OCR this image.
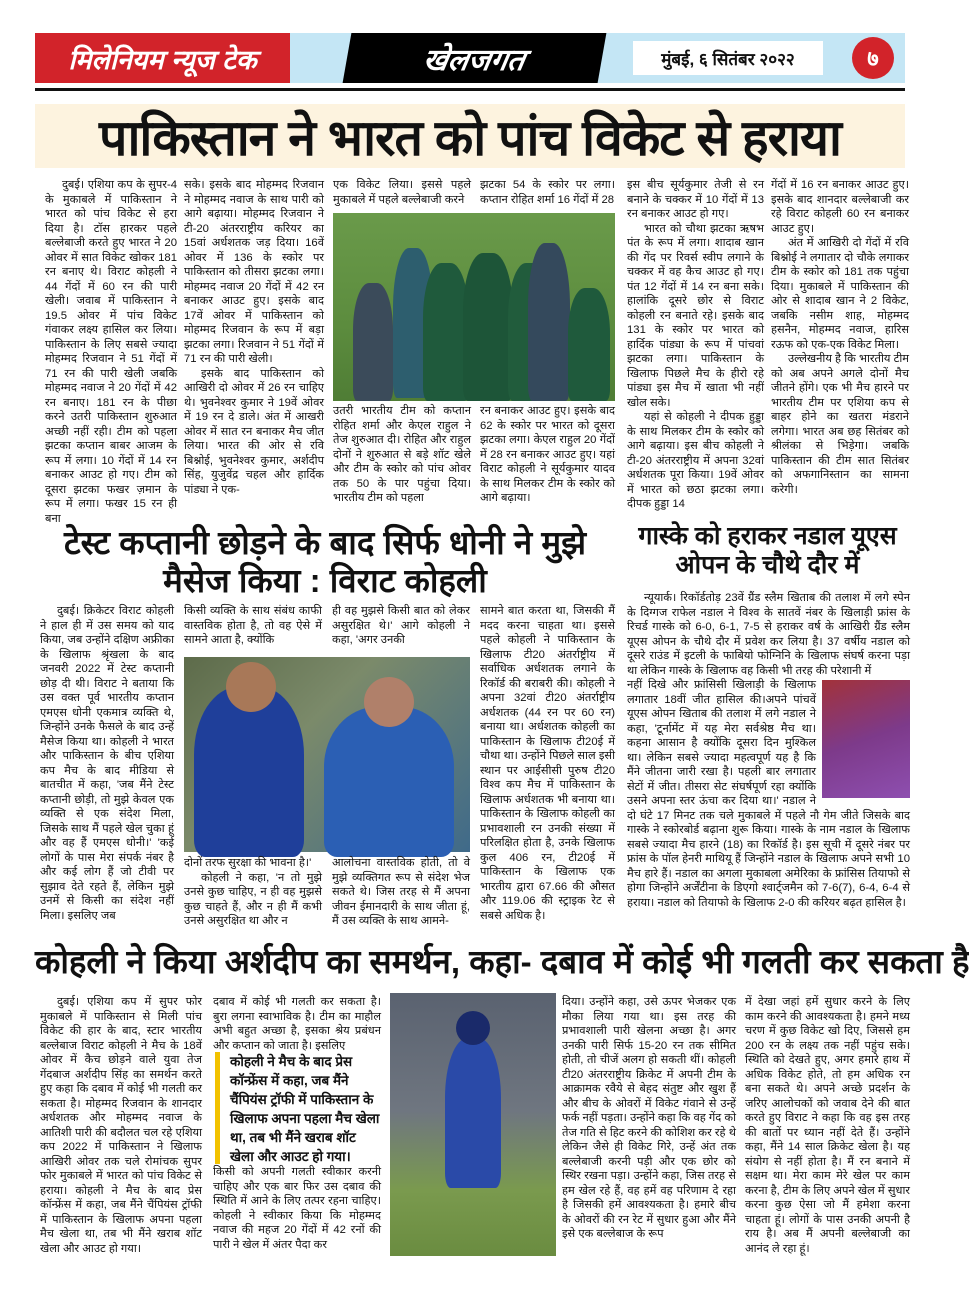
मिलेनियम न्यूज टेक	खेलजगत	मुंबई, ६ सितंबर २०२२	७
पाकिस्तान ने भारत को पांच विकेट से हराया

दुबई। एशिया कप के सुपर-4 के मुकाबले में पाकिस्तान ने भारत को पांच विकेट से हरा दिया है। टॉस हारकर पहले बल्लेबाजी करते हुए भारत ने 20 ओवर में सात विकेट खोकर 181 रन बनाए थे। विराट कोहली ने 44 गेंदों में 60 रन की पारी खेली। जवाब में पाकिस्तान ने 19.5 ओवर में पांच विकेट गंवाकर लक्ष्य हासिल कर लिया। पाकिस्तान के लिए सबसे ज्यादा मोहम्मद रिजवान ने 51 गेंदों में 71 रन की पारी खेली जबकि मोहम्मद नवाज ने 20 गेंदों में 42 रन बनाए। 181 रन के पीछा करने उतरी पाकिस्तान शुरुआत अच्छी नहीं रही। टीम को पहला झटका कप्तान बाबर आजम के रूप में लगा। 10 गेंदों में 14 रन बनाकर आउट हो गए। टीम को दूसरा झटका फखर ज़मान के रूप में लगा। फखर 15 रन ही बना

सके। इसके बाद मोहम्मद रिजवान ने मोहम्मद नवाज के साथ पारी को आगे बढ़ाया। मोहम्मद रिजवान ने टी-20 अंतरराष्ट्रीय करियर का 15वां अर्धशतक जड़ दिया। 16वें ओवर में 136 के स्कोर पर पाकिस्तान को तीसरा झटका लगा। मोहम्मद नवाज 20 गेंदों में 42 रन बनाकर आउट हुए। इसके बाद 17वें ओवर में पाकिस्तान को मोहम्मद रिजवान के रूप में बड़ा झटका लगा। रिजवान ने 51 गेंदों में 71 रन की पारी खेली।

इसके बाद पाकिस्तान को आखिरी दो ओवर में 26 रन चाहिए थे। भुवनेश्वर कुमार ने 19वें ओवर में 19 रन दे डाले। अंत में आखरी ओवर में सात रन बनाकर मैच जीत लिया। भारत की ओर से रवि बिश्नोई, भुवनेश्वर कुमार, अर्शदीप सिंह, युजुवेंद्र चहल और हार्दिक पांड्या ने एक-

एक विकेट लिया। इससे पहले मुकाबले में पहले बल्लेबाजी करने

झटका 54 के स्कोर पर लगा। कप्तान रोहित शर्मा 16 गेंदों में 28

उतरी भारतीय टीम को कप्तान रोहित शर्मा और केएल राहुल ने तेज शुरुआत दी। रोहित और राहुल दोनों ने शुरुआत से बड़े शॉट खेले और टीम के स्कोर को पांच ओवर तक 50 के पार पहुंचा दिया। भारतीय टीम को पहला

रन बनाकर आउट हुए। इसके बाद 62 के स्कोर पर भारत को दूसरा झटका लगा। केएल राहुल 20 गेंदों में 28 रन बनाकर आउट हुए। यहां विराट कोहली ने सूर्यकुमार यादव के साथ मिलकर टीम के स्कोर को आगे बढ़ाया।

इस बीच सूर्यकुमार तेजी से रन बनाने के चक्कर में 10 गेंदों में 13 रन बनाकर आउट हो गए।

भारत को चौथा झटका ऋषभ पंत के रूप में लगा। शादाब खान की गेंद पर रिवर्स स्वीप लगाने के चक्कर में वह कैच आउट हो गए। पंत 12 गेंदों में 14 रन बना सके। हालांकि दूसरे छोर से विराट कोहली रन बनाते रहे। इसके बाद 131 के स्कोर पर भारत को हार्दिक पांड्या के रूप में पांचवां झटका लगा। पाकिस्तान के खिलाफ पिछले मैच के हीरो रहे पांड्या इस मैच में खाता भी नहीं खोल सके।

यहां से कोहली ने दीपक हुड्डा के साथ मिलकर टीम के स्कोर को आगे बढ़ाया। इस बीच कोहली ने टी-20 अंतरराष्ट्रीय में अपना 32वां अर्धशतक पूरा किया। 19वें ओवर में भारत को छठा झटका लगा। दीपक हुड्डा 14

गेंदों में 16 रन बनाकर आउट हुए। इसके बाद शानदार बल्लेबाजी कर रहे विराट कोहली 60 रन बनाकर आउट हुए।

अंत में आखिरी दो गेंदों में रवि बिश्नोई ने लगातार दो चौके लगाकर टीम के स्कोर को 181 तक पहुंचा दिया। मुकाबले में पाकिस्तान की ओर से शादाब खान ने 2 विकेट, जबकि नसीम शाह, मोहम्मद हसनैन, मोहम्मद नवाज, हारिस रऊफ को एक-एक विकेट मिला।

उल्लेखनीय है कि भारतीय टीम को अब अपने अगले दोनों मैच जीतने होंगे। एक भी मैच हारने पर भारतीय टीम पर एशिया कप से बाहर होने का खतरा मंडराने लगेगा। भारत अब छह सितंबर को श्रीलंका से भिड़ेगा। जबकि पाकिस्तान की टीम सात सितंबर को अफगानिस्तान का सामना करेगी।

टेस्ट कप्तानी छोड़ने के बाद सिर्फ धोनी ने मुझे
मैसेज किया : विराट कोहली

दुबई। क्रिकेटर विराट कोहली ने हाल ही में उस समय को याद किया, जब उन्होंने दक्षिण अफ्रीका के खिलाफ श्रृंखला के बाद जनवरी 2022 में टेस्ट कप्तानी छोड़ दी थी। विराट ने बताया कि उस वक्त पूर्व भारतीय कप्तान एमएस धोनी एकमात्र व्यक्ति थे, जिन्होंने उनके फैसले के बाद उन्हें मैसेज किया था। कोहली ने भारत और पाकिस्तान के बीच एशिया कप मैच के बाद मीडिया से बातचीत में कहा, 'जब मैंने टेस्ट कप्तानी छोड़ी, तो मुझे केवल एक व्यक्ति से एक संदेश मिला, जिसके साथ मैं पहले खेल चुका हूं और वह हैं एमएस धोनी।' 'कई लोगों के पास मेरा संपर्क नंबर है और कई लोग हैं जो टीवी पर सुझाव देते रहते हैं, लेकिन मुझे उनमें से किसी का संदेश नहीं मिला। इसलिए जब

किसी व्यक्ति के साथ संबंध काफी वास्तविक होता है, तो वह ऐसे में सामने आता है, क्योंकि

ही वह मुझसे किसी बात को लेकर असुरक्षित थे।' आगे कोहली ने कहा, 'अगर उनकी

दोनों तरफ सुरक्षा की भावना है।'

कोहली ने कहा, 'न तो मुझे उनसे कुछ चाहिए, न ही वह मुझसे कुछ चाहते हैं, और न ही मैं कभी उनसे असुरक्षित था और न

आलोचना वास्तविक होती, तो वे मुझे व्यक्तिगत रूप से संदेश भेज सकते थे। जिस तरह से मैं अपना जीवन ईमानदारी के साथ जीता हूं, मैं उस व्यक्ति के साथ आमने-

सामने बात करता था, जिसकी मैं मदद करना चाहता था। इससे पहले कोहली ने पाकिस्तान के खिलाफ टी20 अंतर्राष्ट्रीय में सर्वाधिक अर्धशतक लगाने के रिकॉर्ड की बराबरी की। कोहली ने अपना 32वां टी20 अंतर्राष्ट्रीय अर्धशतक (44 रन पर 60 रन) बनाया था। अर्धशतक कोहली का पाकिस्तान के खिलाफ टी20ई में चौथा था। उन्होंने पिछले साल इसी स्थान पर आईसीसी पुरुष टी20 विश्व कप मैच में पाकिस्तान के खिलाफ अर्धशतक भी बनाया था। पाकिस्तान के खिलाफ कोहली का प्रभावशाली रन उनकी संख्या में परिलक्षित होता है, उनके खिलाफ कुल 406 रन, टी20ई में पाकिस्तान के खिलाफ एक भारतीय द्वारा 67.66 की औसत और 119.06 की स्ट्राइक रेट से सबसे अधिक है।

गास्के को हराकर नडाल यूएस
ओपन के चौथे दौर में

न्यूयार्क। रिकॉर्डतोड़ 23वें ग्रैंड स्लैम खिताब की तलाश में लगे स्पेन के दिग्गज राफेल नडाल ने विश्व के सातवें नंबर के खिलाड़ी फ्रांस के रिचर्ड गास्के को 6-0, 6-1, 7-5 से हराकर वर्ष के आखिरी ग्रैंड स्लैम यूएस ओपन के चौथे दौर में प्रवेश कर लिया है। 37 वर्षीय नडाल को दूसरे राउंड में इटली के फाबियो फोग्निनि के खिलाफ संघर्ष करना पड़ा था लेकिन गास्के के खिलाफ वह किसी भी तरह की परेशानी में

नहीं दिखे और फ्रांसिसी खिलाड़ी के खिलाफ लगातार 18वीं जीत हासिल की।अपने पांचवें यूएस ओपन खिताब की तलाश में लगे नडाल ने कहा, 'टूर्नामेंट में यह मेरा सर्वश्रेष्ठ मैच था। कहना आसान है क्योंकि दूसरा दिन मुश्किल था। लेकिन सबसे ज्यादा महत्वपूर्ण यह है कि मैंने जीतना जारी रखा है। पहली बार लगातार सेटों में जीत। तीसरा सेट संघर्षपूर्ण रहा क्योंकि उसने अपना स्तर ऊंचा कर दिया था।' नडाल ने दो घंटे 17 मिनट तक चले मुकाबले में पहले नौ गेम जीते जिसके बाद गास्के ने स्कोरबोर्ड बढ़ाना शुरू किया। गास्के के नाम नडाल के खिलाफ सबसे ज्यादा मैच हारने (18) का रिकॉर्ड है। इस सूची में दूसरे नंबर पर फ्रांस के पॉल हेनरी माथियू हैं जिन्होंने नडाल के खिलाफ अपने सभी 10 मैच हारे हैं। नडाल का अगला मुकाबला अमेरिका के फ्रांसिस तियाफो से होगा जिन्होंने अर्जेंटीना के डिएगो श्वार्ट्जमैन को 7-6(7), 6-4, 6-4 से हराया। नडाल को तियाफो के खिलाफ 2-0 की करियर बढ़त हासिल है।

कोहली ने किया अर्शदीप का समर्थन, कहा- दबाव में कोई भी गलती कर सकता है

दुबई। एशिया कप में सुपर फोर मुकाबले में पाकिस्तान से मिली पांच विकेट की हार के बाद, स्टार भारतीय बल्लेबाज विराट कोहली ने मैच के 18वें ओवर में कैच छोड़ने वाले युवा तेज गेंदबाज अर्शदीप सिंह का समर्थन करते हुए कहा कि दबाव में कोई भी गलती कर सकता है। मोहम्मद रिजवान के शानदार अर्धशतक और मोहम्मद नवाज के आतिशी पारी की बदौलत चल रहे एशिया कप 2022 में पाकिस्तान ने खिलाफ आखिरी ओवर तक चले रोमांचक सुपर फोर मुकाबले में भारत को पांच विकेट से हराया। कोहली ने मैच के बाद प्रेस कॉन्फ्रेंस में कहा, जब मैंने चैंपियंस ट्रॉफी में पाकिस्तान के खिलाफ अपना पहला मैच खेला था, तब भी मैंने खराब शॉट खेला और आउट हो गया।

दबाव में कोई भी गलती कर सकता है। बुरा लगना स्वाभाविक है। टीम का माहौल अभी बहुत अच्छा है, इसका श्रेय प्रबंधन और कप्तान को जाता है। इसलिए

कोहली ने मैच के बाद प्रेस कॉन्फ्रेंस में कहा, जब मैंने चैंपियंस ट्रॉफी में पाकिस्तान के खिलाफ अपना पहला मैच खेला था, तब भी मैंने खराब शॉट खेला और आउट हो गया।

किसी को अपनी गलती स्वीकार करनी चाहिए और एक बार फिर उस दबाव की स्थिति में आने के लिए तत्पर रहना चाहिए। कोहली ने स्वीकार किया कि मोहम्मद नवाज की महज 20 गेंदों में 42 रनों की पारी ने खेल में अंतर पैदा कर

दिया। उन्होंने कहा, उसे ऊपर भेजकर एक मौका लिया गया था। इस तरह की प्रभावशाली पारी खेलना अच्छा है। अगर उनकी पारी सिर्फ 15-20 रन तक सीमित होती, तो चीजें अलग हो सकती थीं। कोहली टी20 अंतरराष्ट्रीय क्रिकेट में अपनी टीम के आक्रामक रवैये से बेहद संतुष्ट और खुश हैं और बीच के ओवरों में विकेट गंवाने से उन्हें फर्क नहीं पड़ता। उन्होंने कहा कि वह गेंद को तेज गति से हिट करने की कोशिश कर रहे थे लेकिन जैसे ही विकेट गिरे, उन्हें अंत तक बल्लेबाजी करनी पड़ी और एक छोर को स्थिर रखना पड़ा। उन्होंने कहा, जिस तरह से हम खेल रहे हैं, वह हमें वह परिणाम दे रहा है जिसकी हमें आवश्यकता है। हमारे बीच के ओवरों की रन रेट में सुधार हुआ और मैंने इसे एक बल्लेबाज के रूप

में देखा जहां हमें सुधार करने के लिए काम करने की आवश्यकता है। हमने मध्य चरण में कुछ विकेट खो दिए, जिससे हम 200 रन के लक्ष्य तक नहीं पहुंच सके। स्थिति को देखते हुए, अगर हमारे हाथ में अधिक विकेट होते, तो हम अधिक रन बना सकते थे। अपने अच्छे प्रदर्शन के जरिए आलोचकों को जवाब देने की बात करते हुए विराट ने कहा कि वह इस तरह की बातों पर ध्यान नहीं देते हैं। उन्होंने कहा, मैंने 14 साल क्रिकेट खेला है। यह संयोग से नहीं होता है। मैं रन बनाने में सक्षम था। मेरा काम मेरे खेल पर काम करना है, टीम के लिए अपने खेल में सुधार करना कुछ ऐसा जो मैं हमेशा करना चाहता हूं। लोगों के पास उनकी अपनी है राय है। अब मैं अपनी बल्लेबाजी का आनंद ले रहा हूं।
